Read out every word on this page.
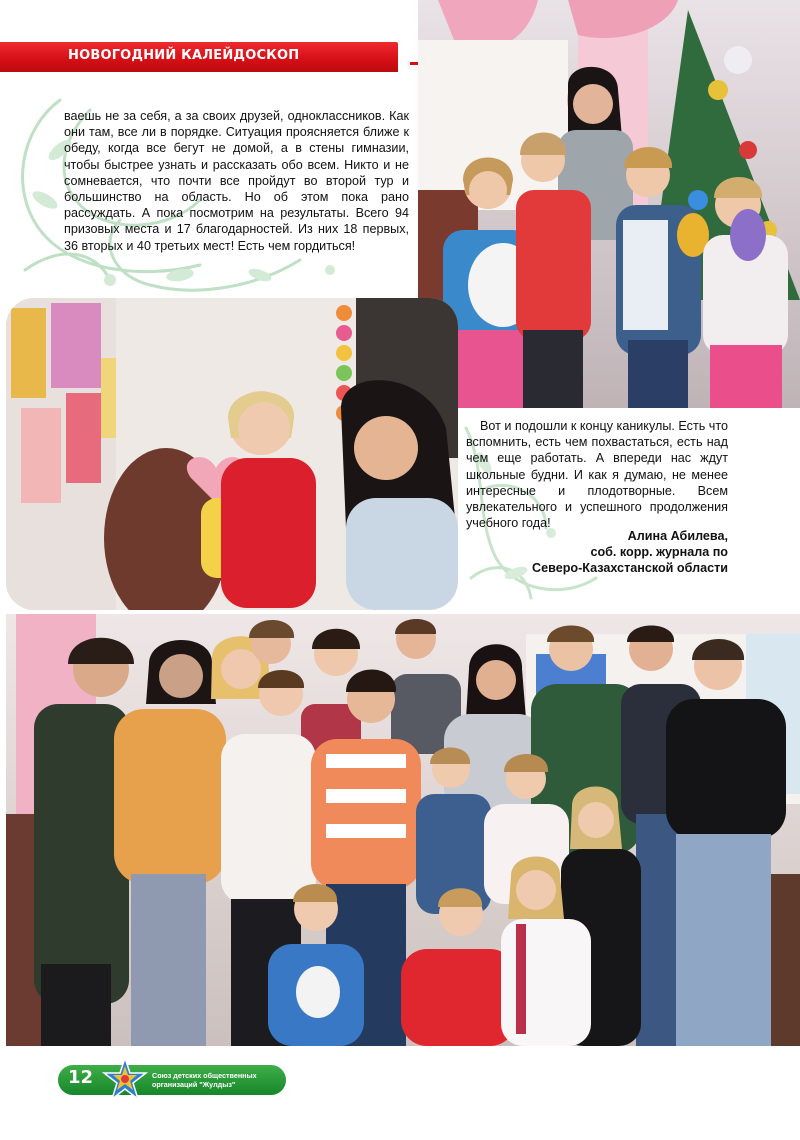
НОВОГОДНИЙ КАЛЕЙДОСКОП
ваешь не за себя, а за своих друзей, одноклассников. Как они там, все ли в порядке. Ситуация проясняется ближе к обеду, когда все бегут не домой, а в стены гимназии, чтобы быстрее узнать и рассказать обо всем. Никто и не сомневается, что почти все пройдут во второй тур и большинство на область. Но об этом пока рано рассуждать. А пока посмотрим на результаты. Всего 94 призовых места и 17 благодарностей. Из них 18 первых, 36 вторых и 40 третьих мест! Есть чем гордиться!
Вот и подошли к концу каникулы. Есть что вспомнить, есть чем похвастаться, есть над чем еще работать. А впереди нас ждут школьные будни. И как я думаю, не менее интересные и плодотворные. Всем увлекательного и успешного продолжения учебного года!
Алина Абилева,
соб. корр. журнала по
Северо-Казахстанской области
12	Союз детских общественных организаций "Жулдыз"
